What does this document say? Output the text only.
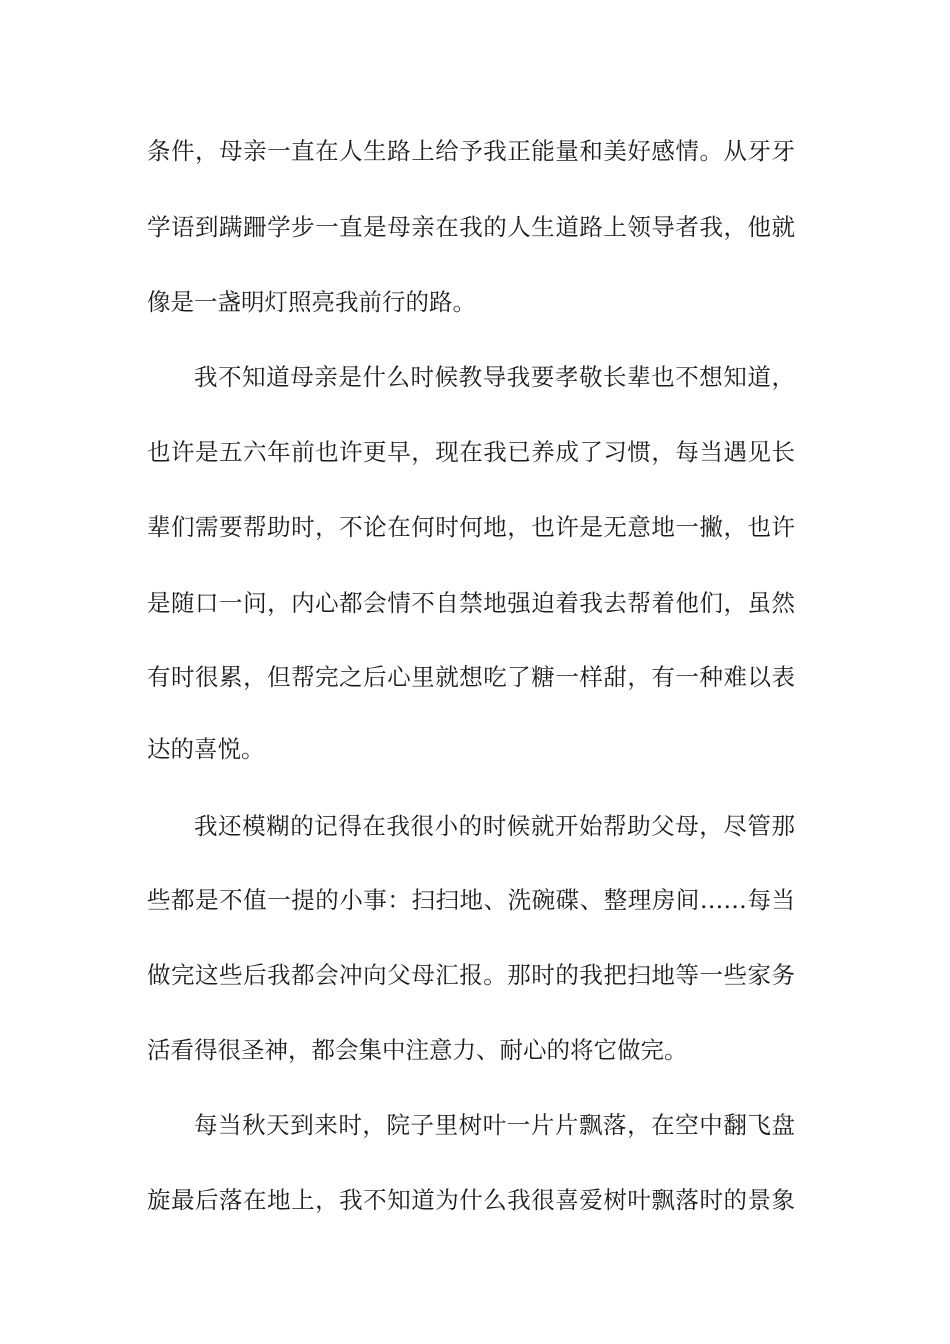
条件，母亲一直在人生路上给予我正能量和美好感情。从牙牙
学语到蹒跚学步一直是母亲在我的人生道路上领导者我，他就
像是一盏明灯照亮我前行的路。
我不知道母亲是什么时候教导我要孝敬长辈也不想知道，
也许是五六年前也许更早，现在我已养成了习惯，每当遇见长
辈们需要帮助时，不论在何时何地，也许是无意地一撇，也许
是随口一问，内心都会情不自禁地强迫着我去帮着他们，虽然
有时很累，但帮完之后心里就想吃了糖一样甜，有一种难以表
达的喜悦。
我还模糊的记得在我很小的时候就开始帮助父母，尽管那
些都是不值一提的小事：扫扫地、洗碗碟、整理房间……每当
做完这些后我都会冲向父母汇报。那时的我把扫地等一些家务
活看得很圣神，都会集中注意力、耐心的将它做完。
每当秋天到来时，院子里树叶一片片飘落，在空中翻飞盘
旋最后落在地上，我不知道为什么我很喜爱树叶飘落时的景象
